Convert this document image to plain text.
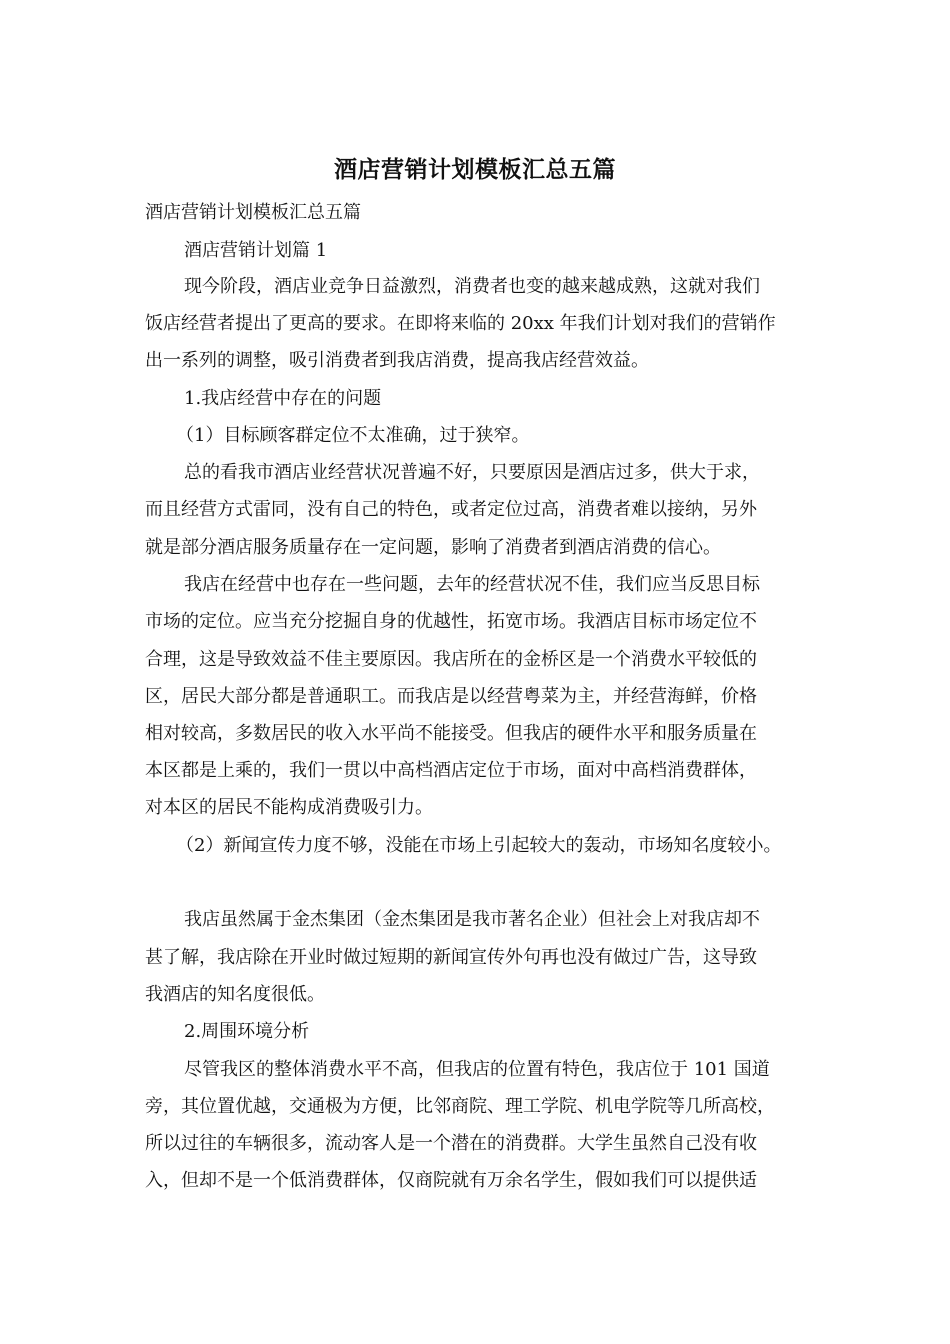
酒店营销计划模板汇总五篇
酒店营销计划模板汇总五篇
酒店营销计划篇 1
现今阶段，酒店业竞争日益激烈，消费者也变的越来越成熟，这就对我们
饭店经营者提出了更高的要求。在即将来临的 20xx 年我们计划对我们的营销作
出一系列的调整，吸引消费者到我店消费，提高我店经营效益。
1.我店经营中存在的问题
（1）目标顾客群定位不太准确，过于狭窄。
总的看我市酒店业经营状况普遍不好，只要原因是酒店过多，供大于求，
而且经营方式雷同，没有自己的特色，或者定位过高，消费者难以接纳，另外
就是部分酒店服务质量存在一定问题，影响了消费者到酒店消费的信心。
我店在经营中也存在一些问题，去年的经营状况不佳，我们应当反思目标
市场的定位。应当充分挖掘自身的优越性，拓宽市场。我酒店目标市场定位不
合理，这是导致效益不佳主要原因。我店所在的金桥区是一个消费水平较低的
区，居民大部分都是普通职工。而我店是以经营粤菜为主，并经营海鲜，价格
相对较高，多数居民的收入水平尚不能接受。但我店的硬件水平和服务质量在
本区都是上乘的，我们一贯以中高档酒店定位于市场，面对中高档消费群体，
对本区的居民不能构成消费吸引力。
（2）新闻宣传力度不够，没能在市场上引起较大的轰动，市场知名度较小。
我店虽然属于金杰集团（金杰集团是我市著名企业）但社会上对我店却不
甚了解，我店除在开业时做过短期的新闻宣传外句再也没有做过广告，这导致
我酒店的知名度很低。
2.周围环境分析
尽管我区的整体消费水平不高，但我店的位置有特色，我店位于 101 国道
旁，其位置优越，交通极为方便，比邻商院、理工学院、机电学院等几所高校，
所以过往的车辆很多，流动客人是一个潜在的消费群。大学生虽然自己没有收
入，但却不是一个低消费群体，仅商院就有万余名学生，假如我们可以提供适
